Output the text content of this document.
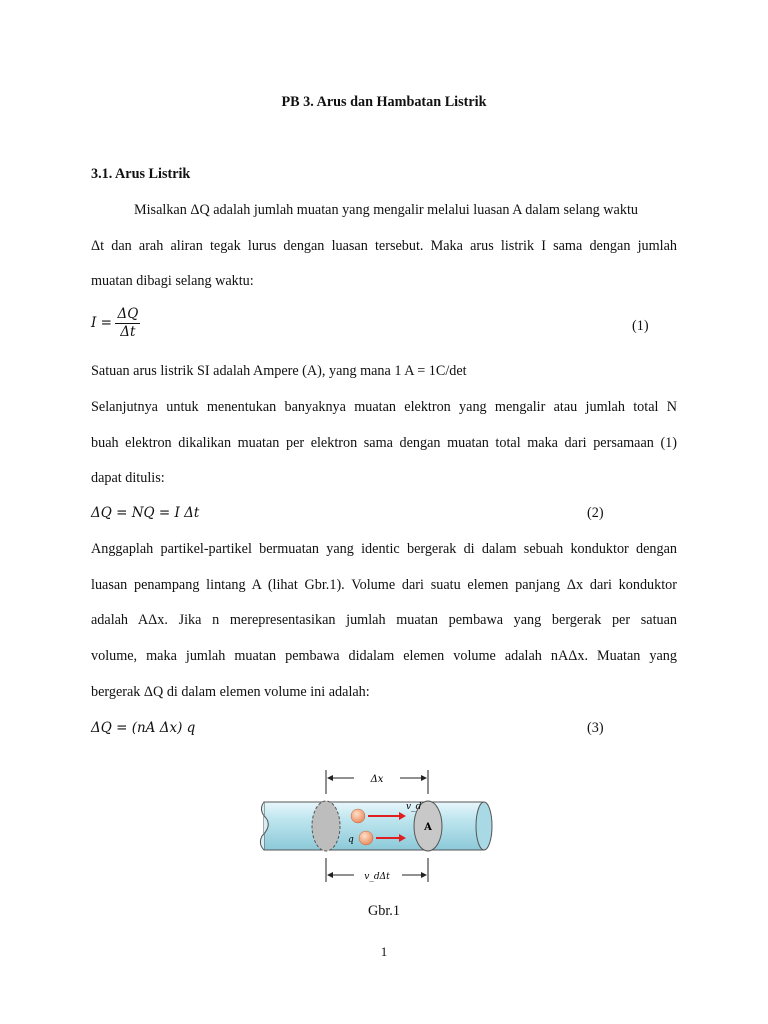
PB 3. Arus dan Hambatan Listrik
3.1. Arus Listrik
Misalkan ΔQ adalah jumlah muatan yang mengalir melalui luasan A dalam selang waktu
Δt dan arah aliran tegak lurus dengan luasan tersebut. Maka arus listrik I sama dengan jumlah
muatan dibagi selang waktu:
$I = \frac{\Delta Q}{\Delta t}$	(1)
Satuan arus listrik SI adalah Ampere (A), yang mana 1 A = 1C/det
Selanjutnya untuk menentukan banyaknya muatan elektron yang mengalir atau jumlah total N
buah elektron dikalikan muatan per elektron sama dengan muatan total maka dari persamaan (1)
dapat ditulis:
ΔQ = NQ = I Δt	(2)
Anggaplah partikel-partikel bermuatan yang identic bergerak di dalam sebuah konduktor dengan
luasan penampang lintang A (lihat Gbr.1). Volume dari suatu elemen panjang Δx dari konduktor
adalah AΔx. Jika n merepresentasikan jumlah muatan pembawa yang bergerak per satuan
volume, maka jumlah muatan pembawa didalam elemen volume adalah nAΔx. Muatan yang
bergerak ΔQ di dalam elemen volume ini adalah:
ΔQ = (nA Δx) q	(3)
Δx
A
v_d
q
v_dΔt
Gbr.1
1
